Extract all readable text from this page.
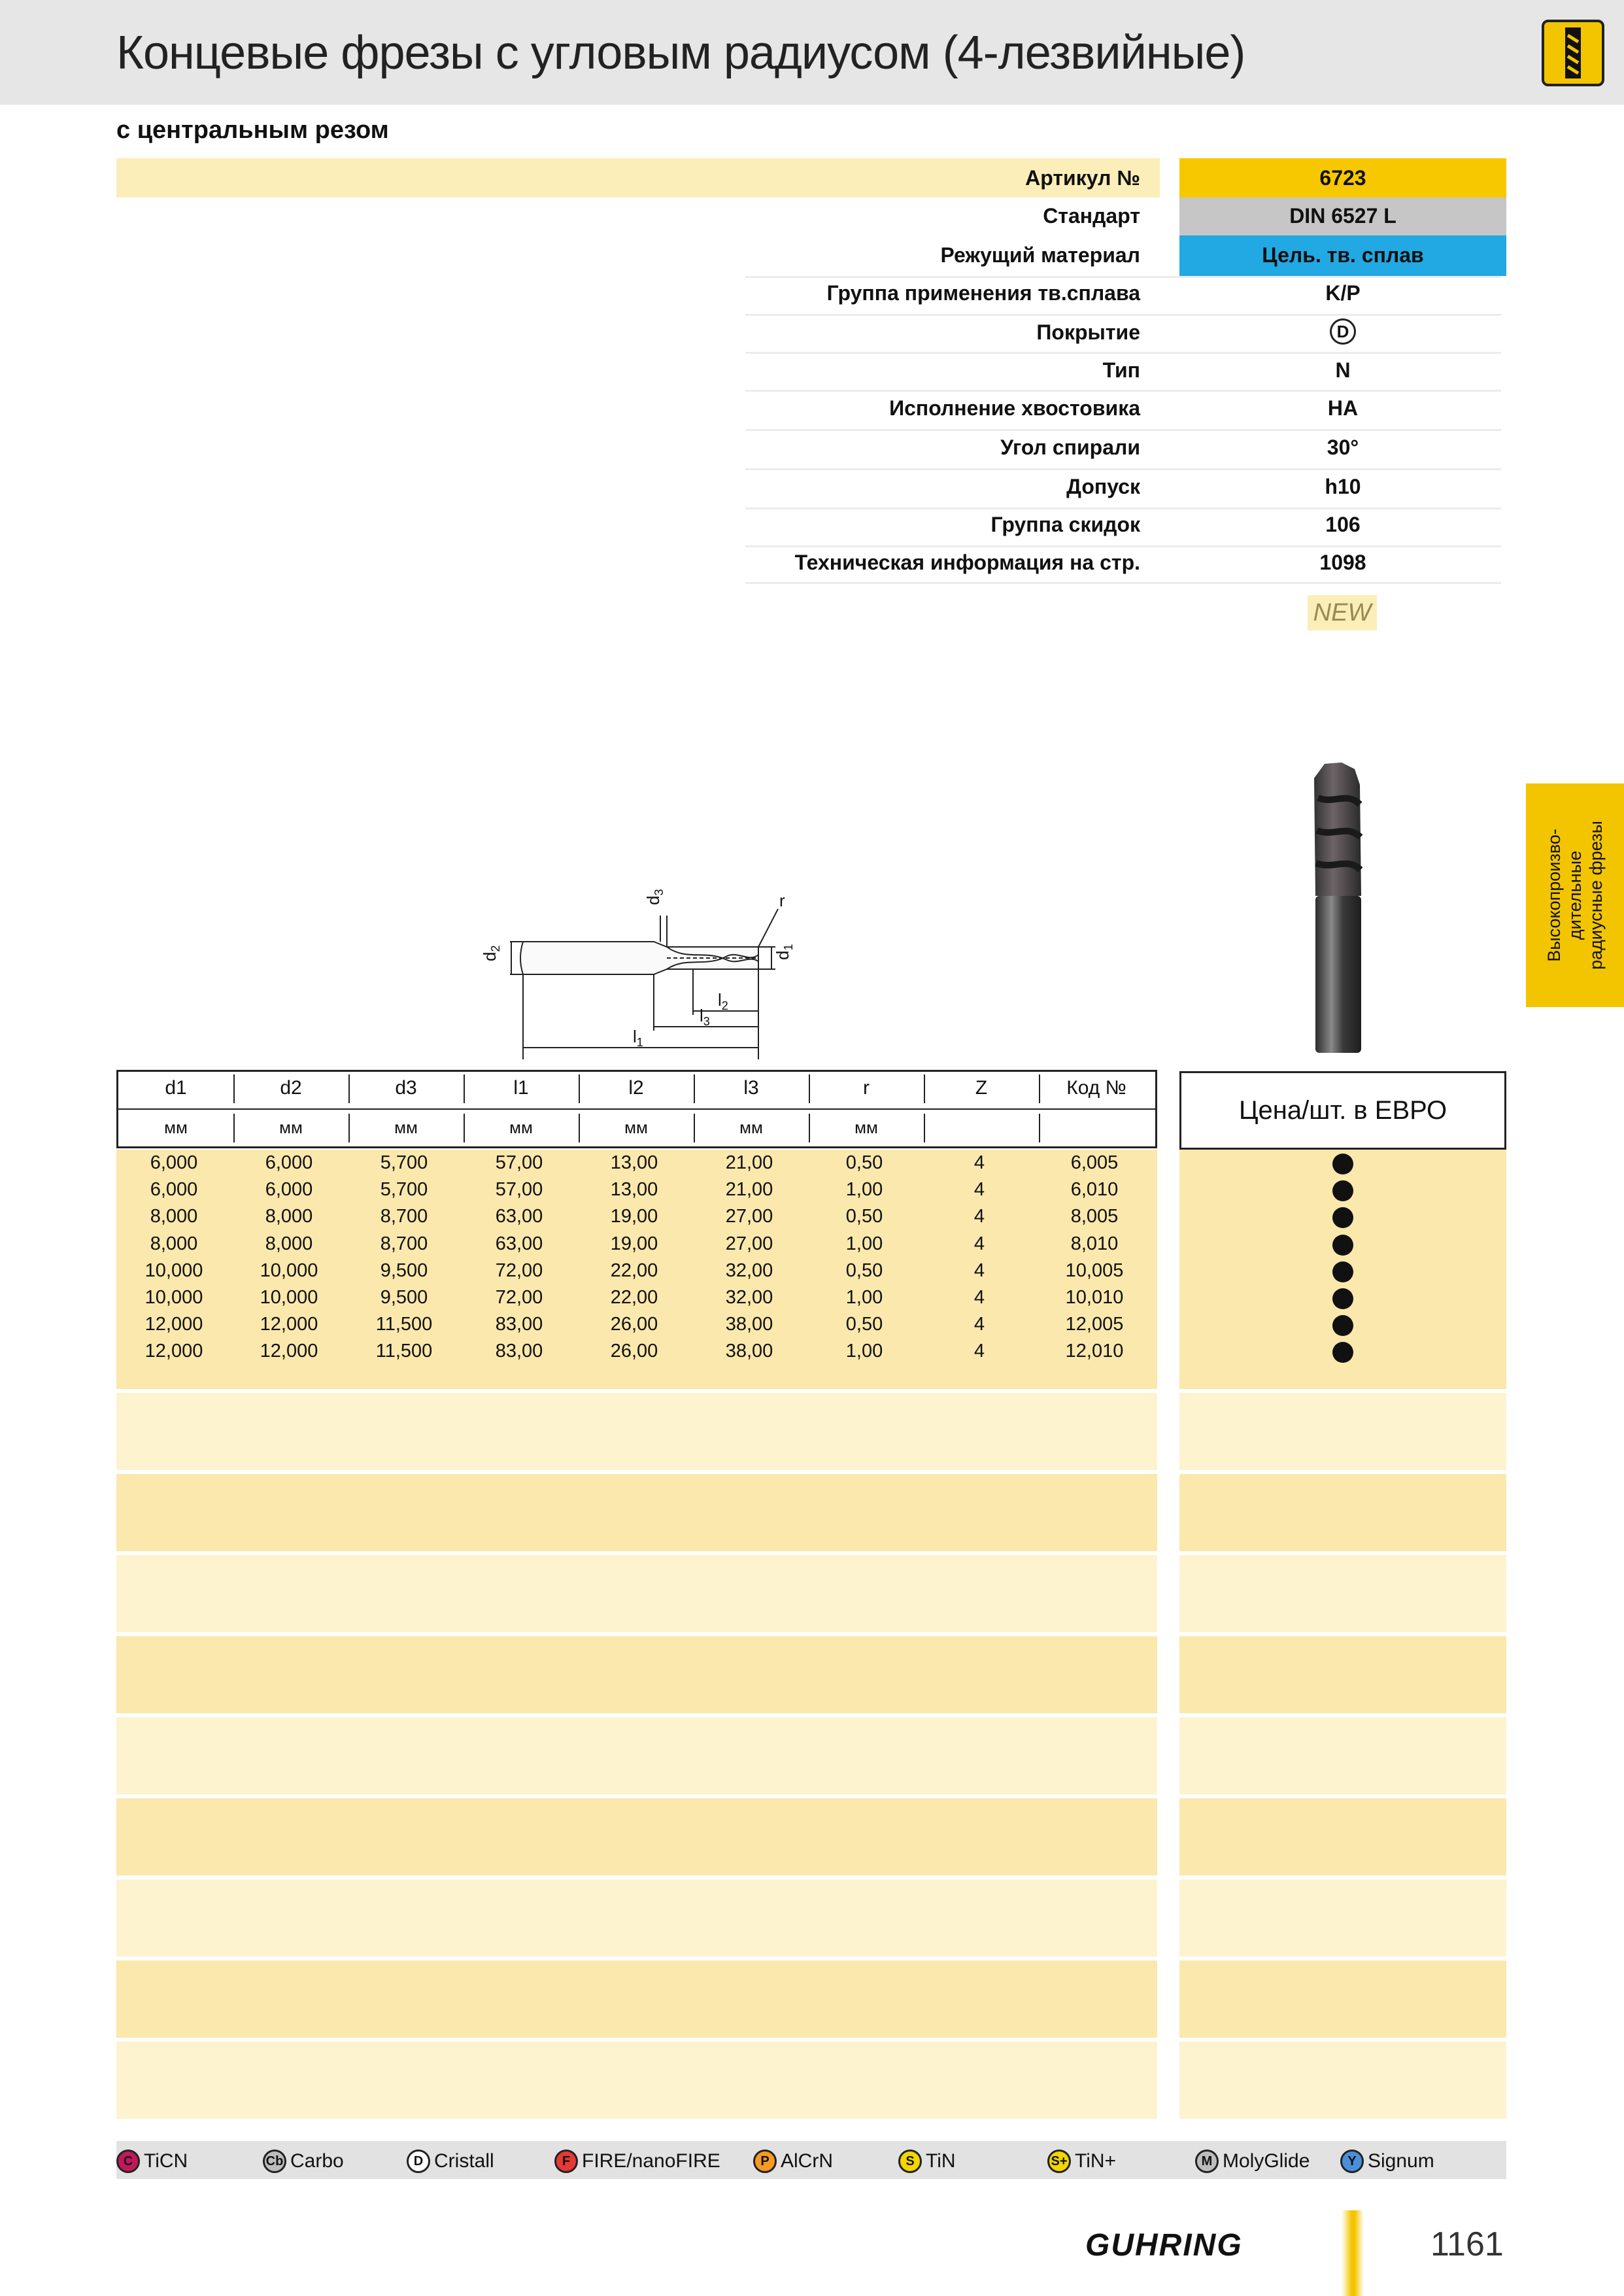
Концевые фрезы с угловым радиусом (4-лезвийные)
с центральным резом
Артикул №	6723
Стандарт	DIN 6527 L
Режущий материал	Цель. тв. сплав
Группа применения тв.сплава	K/P
Покрытие	D
Тип	N
Исполнение хвостовика	HA
Угол спирали	30°
Допуск	h10
Группа скидок	106
Техническая информация на стр.	1098
NEW
Высокопроизво- дительные радиусные фрезы
$d_2$
$d_3$
$d_1$
r
$l_2$
$l_3$
$l_1$
d1	d2	d3	l1	l2	l3	r	Z	Код №
мм	мм	мм	мм	мм	мм	мм
Цена/шт. в ЕВРО
6,000	6,000	5,700	57,00	13,00	21,00	0,50	4	6,005
6,000	6,000	5,700	57,00	13,00	21,00	1,00	4	6,010
8,000	8,000	8,700	63,00	19,00	27,00	0,50	4	8,005
8,000	8,000	8,700	63,00	19,00	27,00	1,00	4	8,010
10,000	10,000	9,500	72,00	22,00	32,00	0,50	4	10,005
10,000	10,000	9,500	72,00	22,00	32,00	1,00	4	10,010
12,000	12,000	11,500	83,00	26,00	38,00	0,50	4	12,005
12,000	12,000	11,500	83,00	26,00	38,00	1,00	4	12,010
C TiCN	Cb Carbo	D Cristall	F FIRE/nanoFIRE	P AlCrN	S TiN	S+ TiN+	M MolyGlide	Y Signum
GUHRING	1161
